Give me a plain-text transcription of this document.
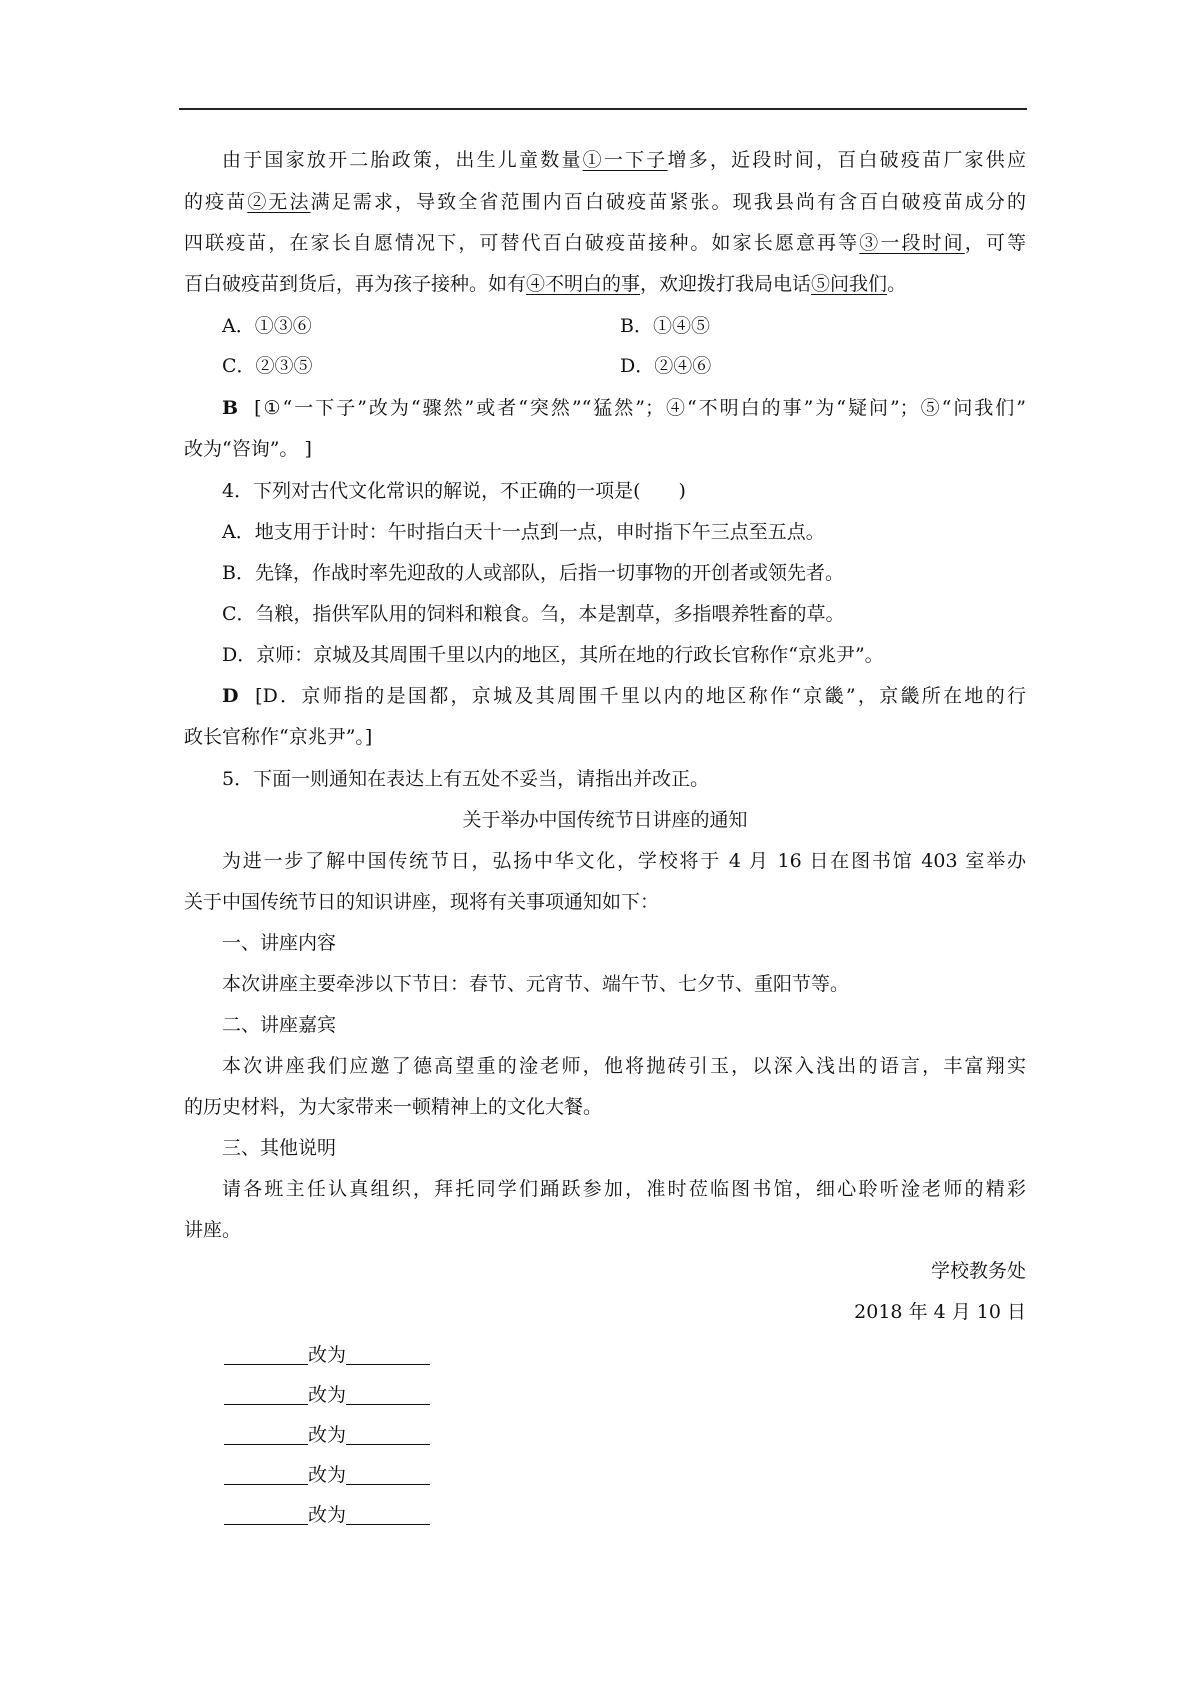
由于国家放开二胎政策，出生儿童数量①一下子增多，近段时间，百白破疫苗厂家供应
的疫苗②无法满足需求，导致全省范围内百白破疫苗紧张。现我县尚有含百白破疫苗成分的
四联疫苗，在家长自愿情况下，可替代百白破疫苗接种。如家长愿意再等③一段时间，可等
百白破疫苗到货后，再为孩子接种。如有④不明白的事，欢迎拨打我局电话⑤问我们。
A．①③⑥	B．①④⑤
C．②③⑤	D．②④⑥
B [①“一下子”改为“骤然”或者“突然”“猛然”；④“不明白的事”为“疑问”；⑤“问我们”
改为“咨询”。 ]
4．下列对古代文化常识的解说，不正确的一项是(　　)
A．地支用于计时：午时指白天十一点到一点，申时指下午三点至五点。
B．先锋，作战时率先迎敌的人或部队，后指一切事物的开创者或领先者。
C．刍粮，指供军队用的饲料和粮食。刍，本是割草，多指喂养牲畜的草。
D．京师：京城及其周围千里以内的地区，其所在地的行政长官称作“京兆尹”。
D [D．京师指的是国都，京城及其周围千里以内的地区称作“京畿”，京畿所在地的行
政长官称作“京兆尹”。]
5．下面一则通知在表达上有五处不妥当，请指出并改正。
关于举办中国传统节日讲座的通知
为进一步了解中国传统节日，弘扬中华文化，学校将于 4 月 16 日在图书馆 403 室举办
关于中国传统节日的知识讲座，现将有关事项通知如下：
一、讲座内容
本次讲座主要牵涉以下节日：春节、元宵节、端午节、七夕节、重阳节等。
二、讲座嘉宾
本次讲座我们应邀了德高望重的淦老师，他将抛砖引玉，以深入浅出的语言，丰富翔实
的历史材料，为大家带来一顿精神上的文化大餐。
三、其他说明
请各班主任认真组织，拜托同学们踊跃参加，准时莅临图书馆，细心聆听淦老师的精彩
讲座。
学校教务处
2018 年 4 月 10 日
改为
改为
改为
改为
改为
